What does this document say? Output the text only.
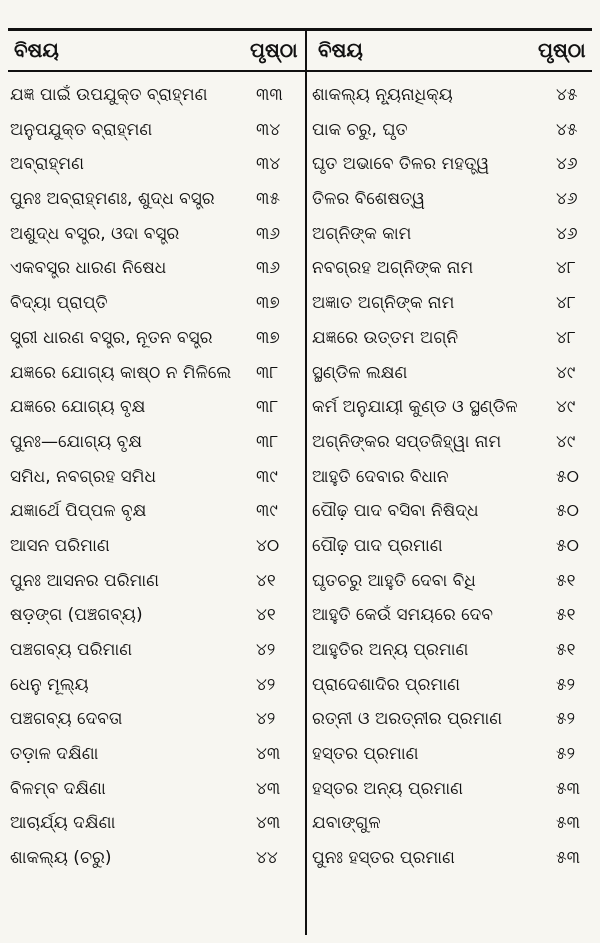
ବିଷୟ	ପୃଷ୍ଠା ବିଷୟ	ପୃଷ୍ଠା
ଯଜ୍ଞ ପାଇଁ ଉପଯୁକ୍ତ ବ୍ରାହ୍ମଣ	୩୩
ଅନୁପଯୁକ୍ତ ବ୍ରାହ୍ମଣ	୩୪
ଅବ୍ରାହ୍ମଣ	୩୪
ପୁନଃ ଅବ୍ରାହ୍ମଣଃ, ଶୁଦ୍ଧ ବସ୍ତ୍ର	୩୫
ଅଶୁଦ୍ଧ ବସ୍ତ୍ର, ଓଦା ବସ୍ତ୍ର	୩୬
ଏକବସ୍ତ୍ର ଧାରଣ ନିଷେଧ	୩୬
ବିଦ୍ୟା ପ୍ରାପ୍ତି	୩୭
ସ୍ତ୍ରୀ ଧାରଣ ବସ୍ତ୍ର, ନୂତନ ବସ୍ତ୍ର	୩୭
ଯଜ୍ଞରେ ଯୋଗ୍ୟ କାଷ୍ଠ ନ ମିଳିଲେ	୩୮
ଯଜ୍ଞରେ ଯୋଗ୍ୟ ବୃକ୍ଷ	୩୮
ପୁନଃ—ଯୋଗ୍ୟ ବୃକ୍ଷ	୩୮
ସମିଧ, ନବଗ୍ରହ ସମିଧ	୩୯
ଯଜ୍ଞାର୍ଥେ ପିପ୍ପଳ ବୃକ୍ଷ	୩୯
ଆସନ ପରିମାଣ	୪୦
ପୁନଃ ଆସନର ପରିମାଣ	୪୧
ଷଡ଼ଙ୍ଗ (ପଞ୍ଚଗବ୍ୟ)	୪୧
ପଞ୍ଚଗବ୍ୟ ପରିମାଣ	୪୨
ଧେନୁ ମୂଲ୍ୟ	୪୨
ପଞ୍ଚଗବ୍ୟ ଦେବତା	୪୨
ତଡ଼ାଳ ଦକ୍ଷିଣା	୪୩
ବିଳମ୍ବ ଦକ୍ଷିଣା	୪୩
ଆଚାର୍ଯ୍ୟ ଦକ୍ଷିଣା	୪୩
ଶାକଲ୍ୟ (ଚରୁ)	୪୪
ଶାକଲ୍ୟ ନ୍ୟୂନାଧିକ୍ୟ	୪୫
ପାକ ଚରୁ, ଘୃତ	୪୫
ଘୃତ ଅଭାବେ ତିଳର ମହତ୍ତ୍ୱ	୪୬
ତିଳର ବିଶେଷତ୍ୱ	୪୬
ଅଗ୍ନିଙ୍କ କାମ	୪୬
ନବଗ୍ରହ ଅଗ୍ନିଙ୍କ ନାମ	୪୮
ଅଜ୍ଞାତ ଅଗ୍ନିଙ୍କ ନାମ	୪୮
ଯଜ୍ଞରେ ଉତ୍ତମ ଅଗ୍ନି	୪୮
ସ୍ଥଣ୍ଡିଳ ଲକ୍ଷଣ	୪୯
କର୍ମ ଅନୁଯାୟୀ କୁଣ୍ଡ ଓ ସ୍ଥଣ୍ଡିଳ	୪୯
ଅଗ୍ନିଙ୍କର ସପ୍ତଜିହ୍ୱା ନାମ	୪୯
ଆହୁତି ଦେବାର ବିଧାନ	୫୦
ପୌଢ଼ ପାଦ ବସିବା ନିଷିଦ୍ଧ	୫୦
ପୌଢ଼ ପାଦ ପ୍ରମାଣ	୫୦
ଘୃତଚରୁ ଆହୁତି ଦେବା ବିଧି	୫୧
ଆହୁତି କେଉଁ ସମୟରେ ଦେବ	୫୧
ଆହୁତିର ଅନ୍ୟ ପ୍ରମାଣ	୫୧
ପ୍ରାଦେଶାଦିର ପ୍ରମାଣ	୫୨
ରତ୍ନୀ ଓ ଅରତ୍ନୀର ପ୍ରମାଣ	୫୨
ହସ୍ତର ପ୍ରମାଣ	୫୨
ହସ୍ତର ଅନ୍ୟ ପ୍ରମାଣ	୫୩
ଯବାଙ୍ଗୁଳ	୫୩
ପୁନଃ ହସ୍ତର ପ୍ରମାଣ	୫୩
